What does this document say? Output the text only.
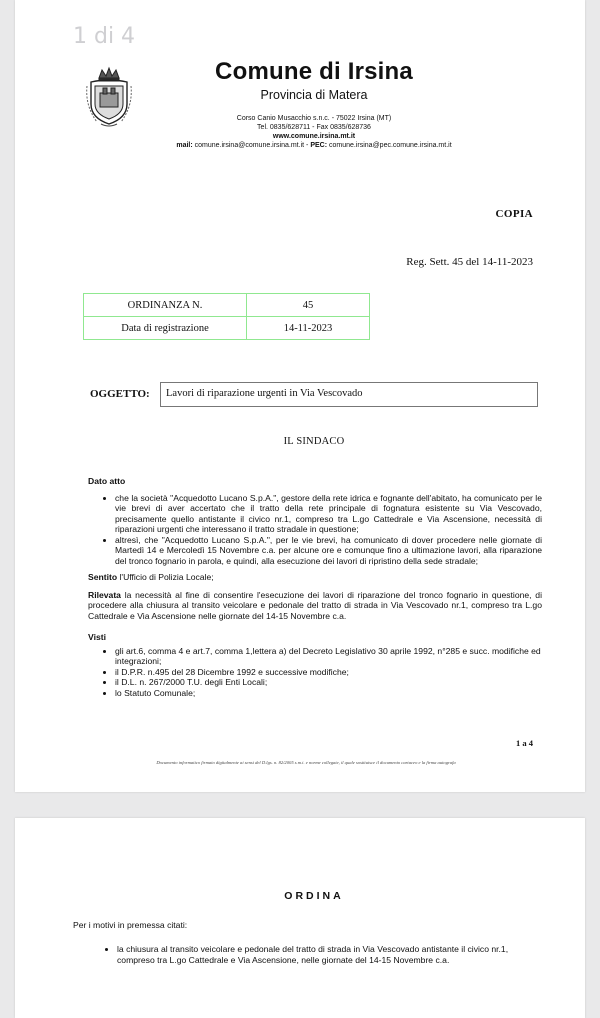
1 di 4
Comune di Irsina
Provincia di Matera
Corso Canio Musacchio s.n.c. - 75022 Irsina (MT)
Tel. 0835/628711 - Fax 0835/628736
www.comune.irsina.mt.it
mail: comune.irsina@comune.irsina.mt.it - PEC: comune.irsina@pec.comune.irsina.mt.it
COPIA
Reg. Sett. 45 del 14-11-2023
ORDINANZA N.	45
Data di registrazione	14-11-2023
OGGETTO:	Lavori di riparazione urgenti in Via Vescovado
IL SINDACO

Dato atto

• che la società "Acquedotto Lucano S.p.A.", gestore della rete idrica e fognante dell'abitato, ha comunicato per le vie brevi di aver accertato che il tratto della rete principale di fognatura esistente su Via Vescovado, precisamente quello antistante il civico nr.1, compreso tra L.go Cattedrale e Via Ascensione, necessità di riparazioni urgenti che interessano il tratto stradale in questione;
• altresì, che "Acquedotto Lucano S.p.A.", per le vie brevi, ha comunicato di dover procedere nelle giornate di Martedì 14 e Mercoledì 15 Novembre c.a. per alcune ore e comunque fino a ultimazione lavori, alla riparazione del tronco fognario in parola, e quindi, alla esecuzione dei lavori di ripristino della sede stradale;

Sentito l'Ufficio di Polizia Locale;

Rilevata la necessità al fine di consentire l'esecuzione dei lavori di riparazione del tronco fognario in questione, di procedere alla chiusura al transito veicolare e pedonale del tratto di strada in Via Vescovado nr.1, compreso tra L.go Cattedrale e Via Ascensione nelle giornate del 14-15 Novembre c.a.

Visti

• gli art.6, comma 4 e art.7, comma 1,lettera a) del Decreto Legislativo 30 aprile 1992, n°285 e succ. modifiche ed integrazioni;
• il D.P.R. n.495 del 28 Dicembre 1992 e successive modifiche;
• il D.L. n. 267/2000 T.U. degli Enti Locali;
• lo Statuto Comunale;
1 a 4
Documento informatico firmato digitalmente ai sensi del D.lgs. n. 82/2005 s.m.i. e norme collegate, il quale sostituisce il documento cartaceo e la firma autografa
ORDINA
Per i motivi in premessa citati:
• la chiusura al transito veicolare e pedonale del tratto di strada in Via Vescovado antistante il civico nr.1, compreso tra L.go Cattedrale e Via Ascensione, nelle giornate del 14-15 Novembre c.a.
